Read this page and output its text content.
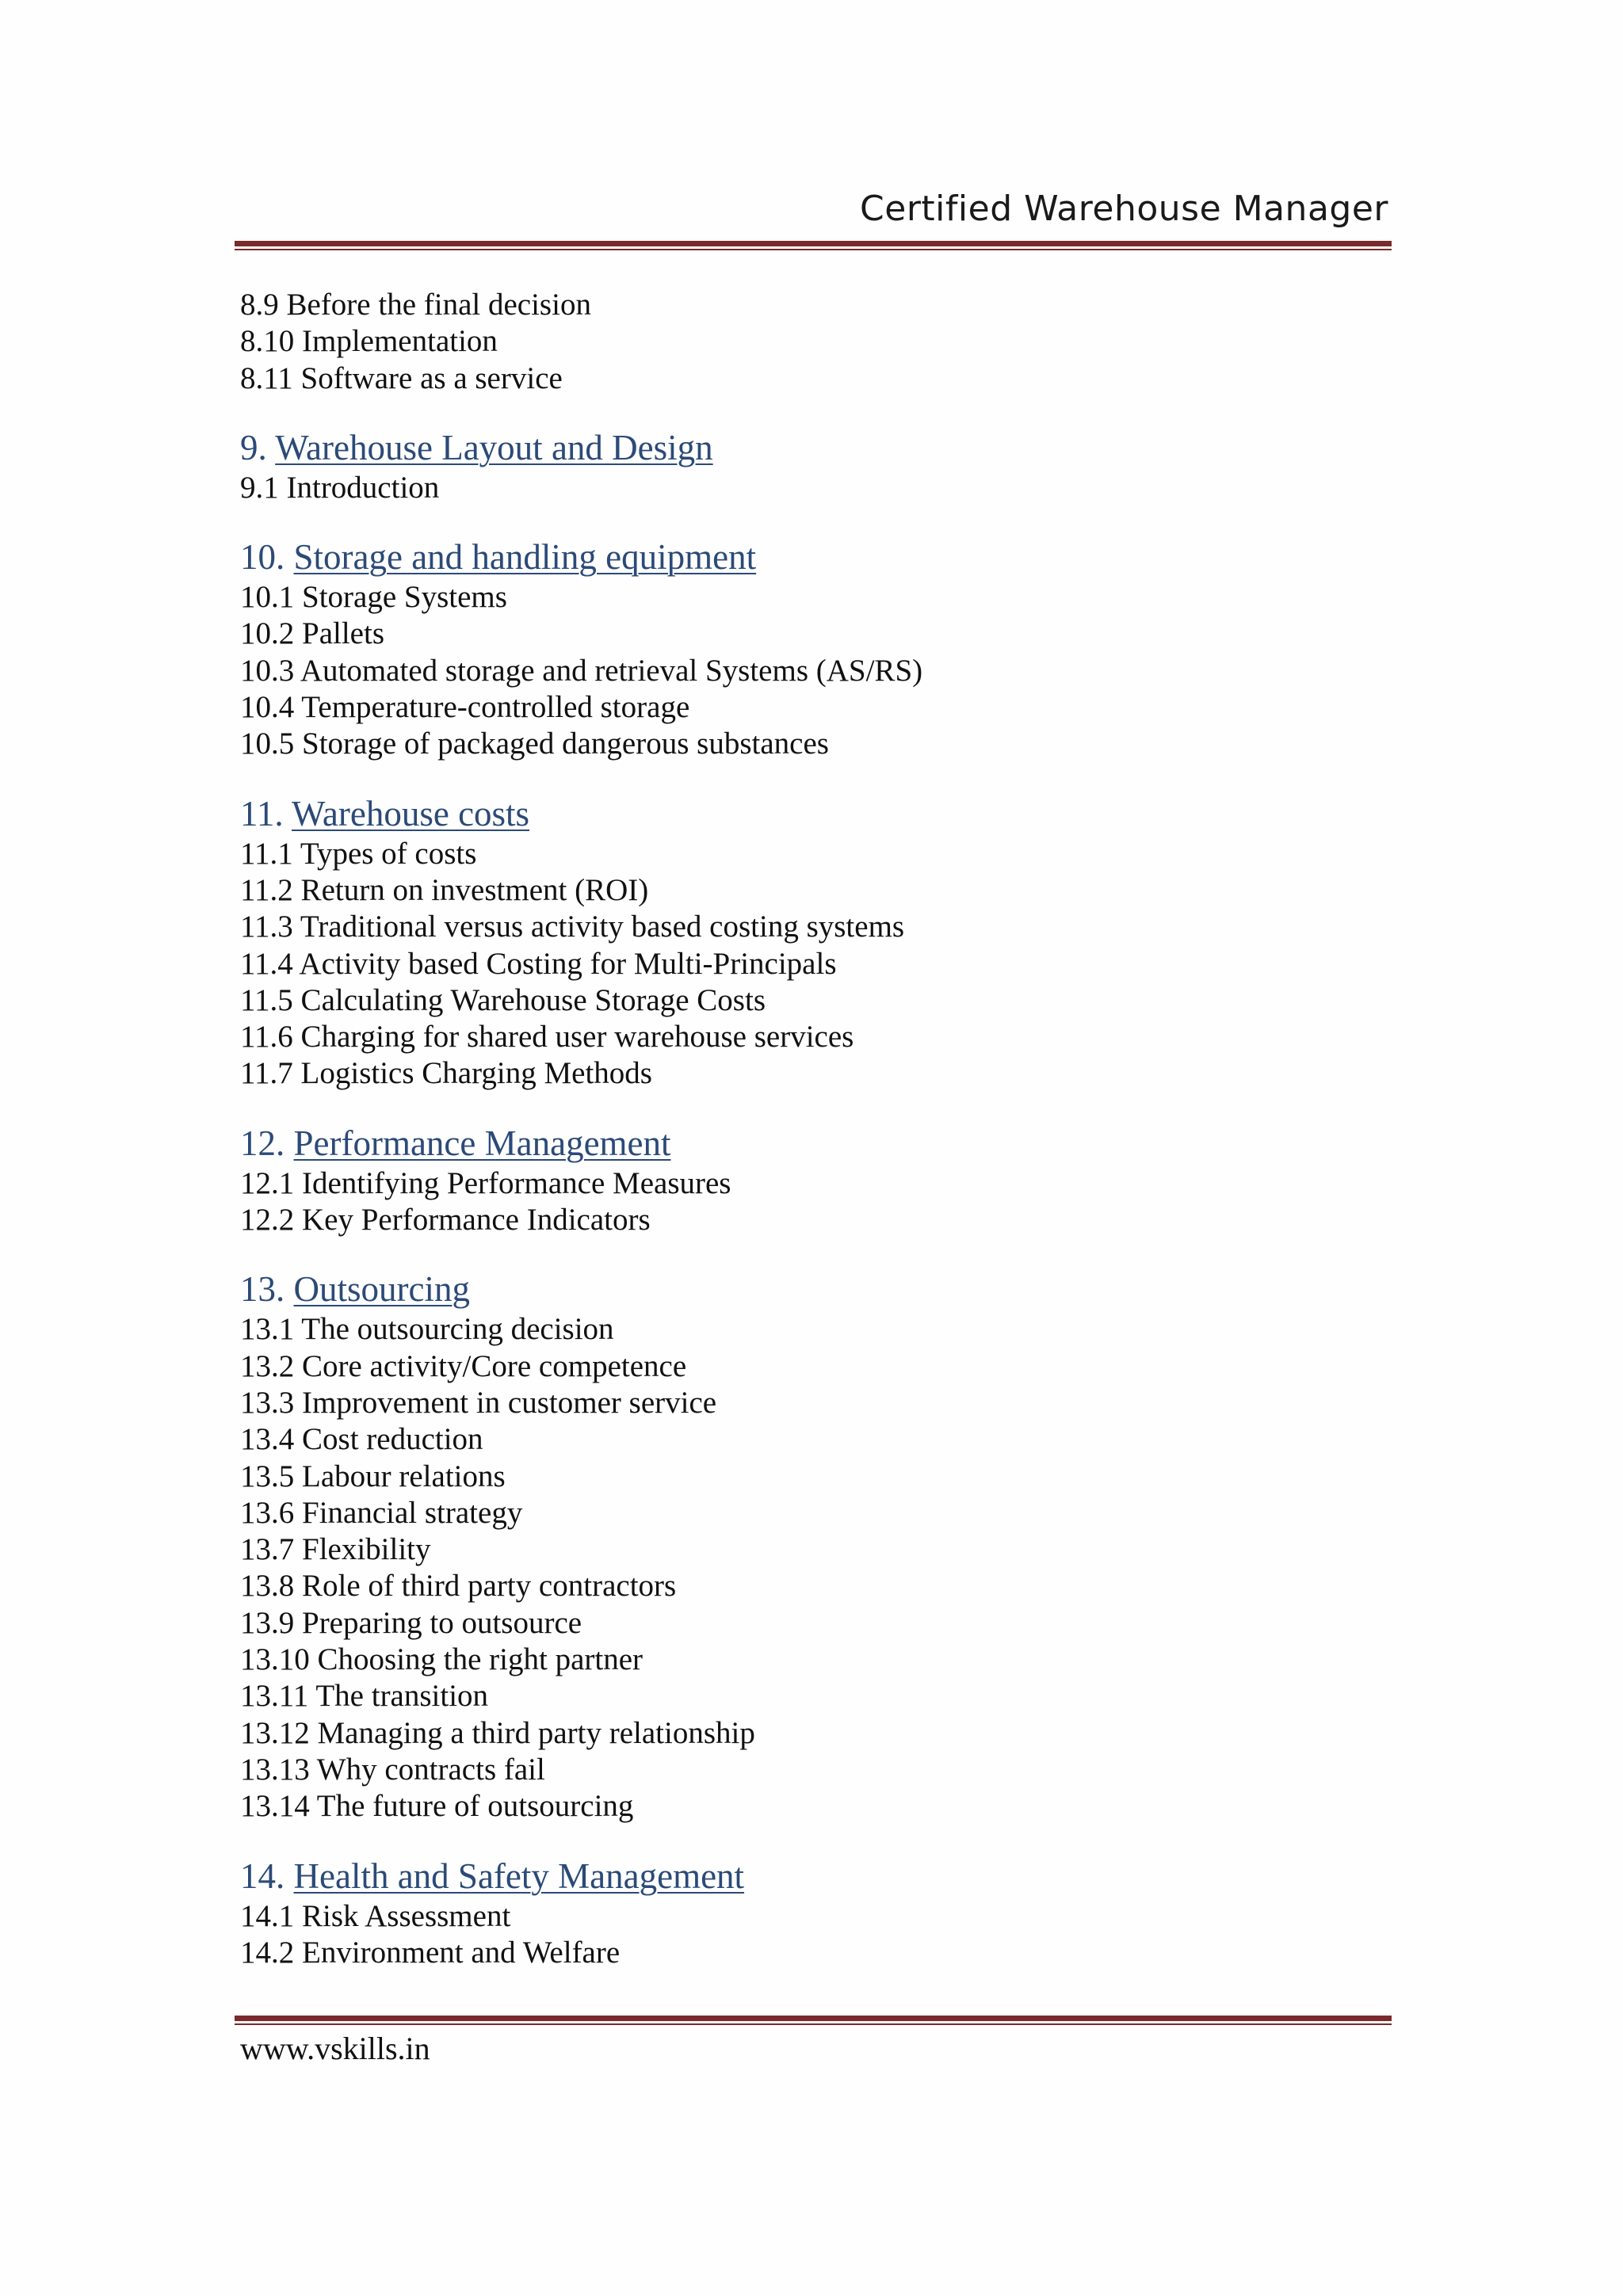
Certified Warehouse Manager
8.9 Before the final decision
8.10 Implementation
8.11 Software as a service
9. Warehouse Layout and Design
9.1 Introduction
10. Storage and handling equipment
10.1 Storage Systems
10.2 Pallets
10.3 Automated storage and retrieval Systems (AS/RS)
10.4 Temperature-controlled storage
10.5 Storage of packaged dangerous substances
11. Warehouse costs
11.1 Types of costs
11.2 Return on investment (ROI)
11.3 Traditional versus activity based costing systems
11.4 Activity based Costing for Multi-Principals
11.5 Calculating Warehouse Storage Costs
11.6 Charging for shared user warehouse services
11.7 Logistics Charging Methods
12. Performance Management
12.1 Identifying Performance Measures
12.2 Key Performance Indicators
13. Outsourcing
13.1 The outsourcing decision
13.2 Core activity/Core competence
13.3 Improvement in customer service
13.4 Cost reduction
13.5 Labour relations
13.6 Financial strategy
13.7 Flexibility
13.8 Role of third party contractors
13.9 Preparing to outsource
13.10 Choosing the right partner
13.11 The transition
13.12 Managing a third party relationship
13.13 Why contracts fail
13.14 The future of outsourcing
14. Health and Safety Management
14.1 Risk Assessment
14.2 Environment and Welfare
www.vskills.in
